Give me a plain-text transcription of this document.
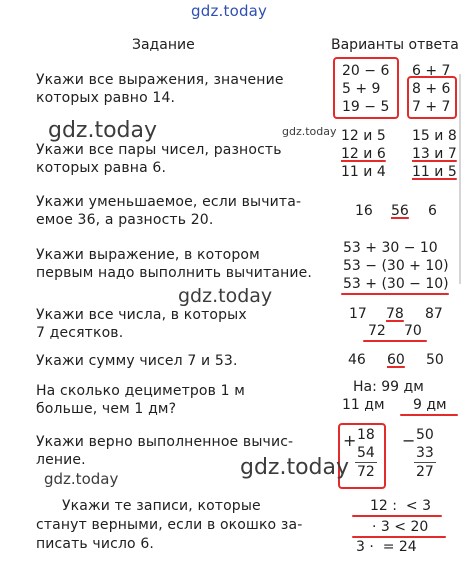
gdz.today
Задание	Варианты ответа
Укажи все выражения, значение
которых равно 14.
Укажи все пары чисел, разность
которых равна 6.
Укажи уменьшаемое, если вычита-
емое 36, а разность 20.
Укажи выражение, в котором
первым надо выполнить вычитание.
Укажи все числа, в которых
7 десятков.
Укажи сумму чисел 7 и 53.
На сколько дециметров 1 м
больше, чем 1 дм?
Укажи верно выполненное вычис-
ление.
Укажи те записи, которые
станут верными, если в окошко за-
писать число 6.
20 − 6
5 + 9
19 − 5
6 + 7
8 + 6
7 + 7
12 и 5
12 и 6
11 и 4
15 и 8
13 и 7
11 и 5
16 56 6
53 + 30 − 10
53 − (30 + 10)
53 + (30 − 10)
17 78 87
72 70
46 60 50
На: 99 дм
11 дм 9 дм
+ 18
54
72
− 50
33
27
12 :  < 3
· 3 < 20
3 ·  = 24
gdz.today	gdz.today
gdz.today
gdz.today
gdz.today
